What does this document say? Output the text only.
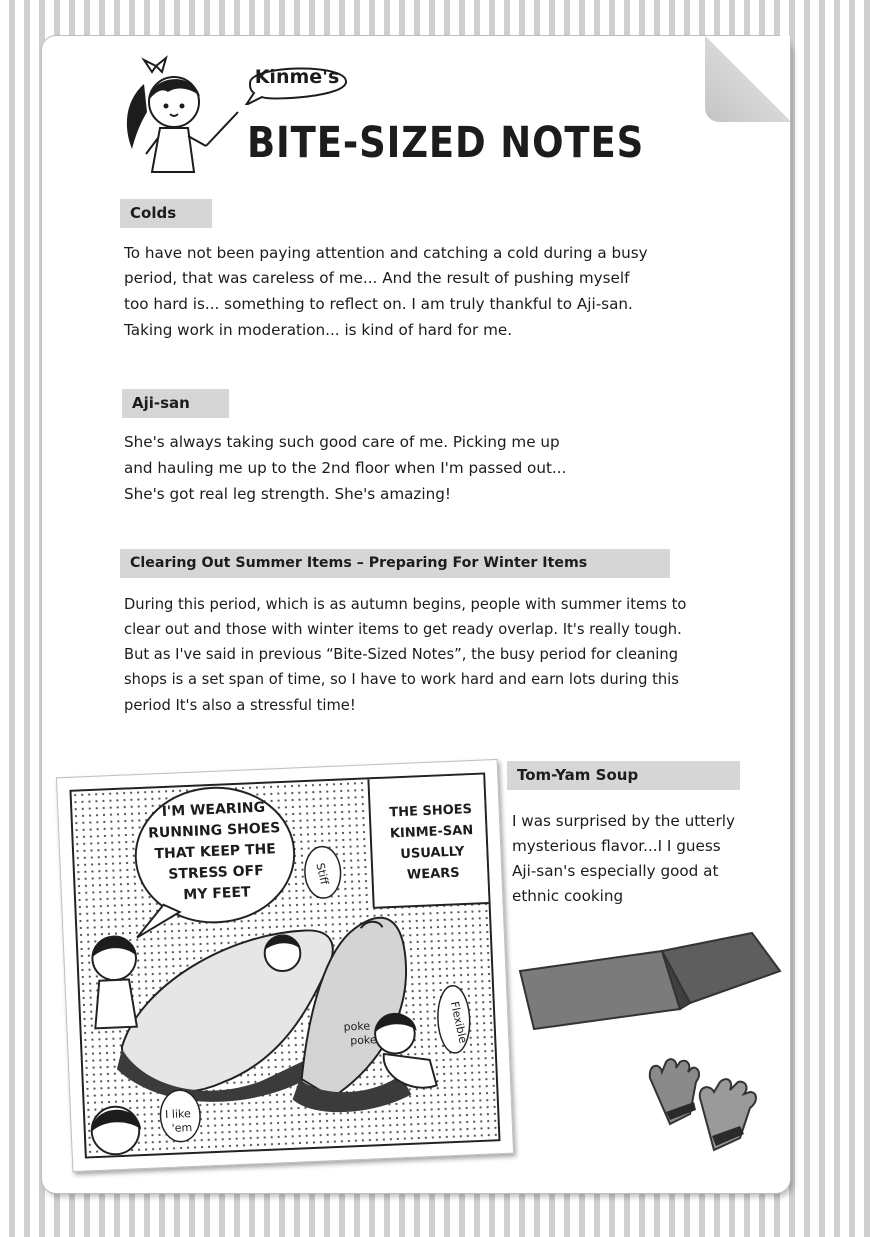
Kinme's
BITE-SIZED NOTES
Colds

To have not been paying attention and catching a cold during a busy

period, that was careless of me... And the result of pushing myself

too hard is... something to reflect on. I am truly thankful to Aji-san.

Taking work in moderation... is kind of hard for me.

Aji-san

She's always taking such good care of me. Picking me up

and hauling me up to the 2nd floor when I'm passed out...

She's got real leg strength. She's amazing!

Clearing Out Summer Items – Preparing For Winter Items

During this period, which is as autumn begins, people with summer items to

clear out and those with winter items to get ready overlap. It's really tough.

But as I've said in previous “Bite-Sized Notes”, the busy period for cleaning

shops is a set span of time, so I have to work hard and earn lots during this

period It's also a stressful time!

Tom-Yam Soup

I was surprised by the utterly

mysterious flavor...I I guess

Aji-san's especially good at

ethnic cooking

I'M WEARING
RUNNING SHOES
THAT KEEP THE
STRESS OFF
MY FEET
THE SHOES
KINME-SAN
USUALLY
WEARS
Stiff
Flexible
poke
poke
I like
'em
